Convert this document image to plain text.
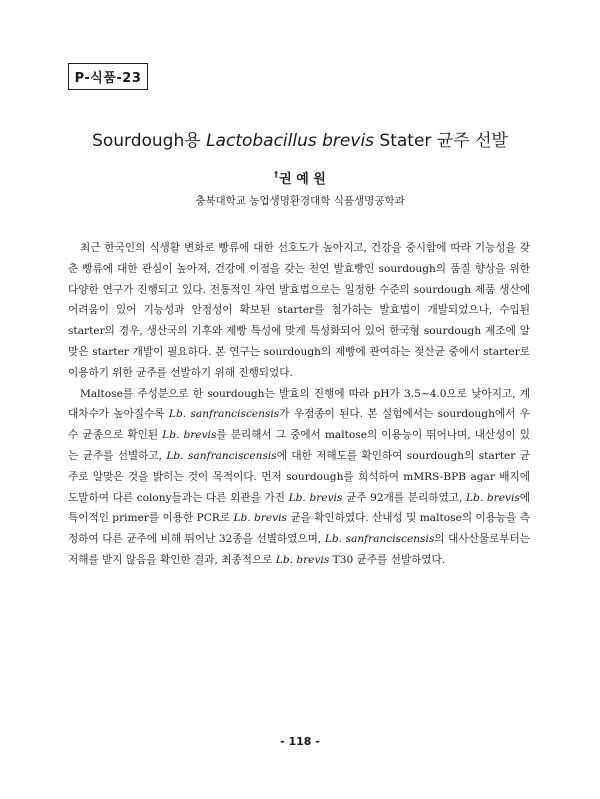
P-식품-23
Sourdough용 Lactobacillus brevis Stater 균주 선발
†권 예 원
충북대학교 농업생명환경대학 식품생명공학과

최근 한국인의 식생활 변화로 빵류에 대한 선호도가 높아지고, 건강을 중시함에 따라 기능성을 갖춘 빵류에 대한 관심이 높아져, 건강에 이점을 갖는 천연 발효빵인 sourdough의 품질 향상을 위한 다양한 연구가 진행되고 있다. 전통적인 자연 발효법으로는 일정한 수준의 sourdough 제품 생산에 어려움이 있어 기능성과 안정성이 확보된 starter를 첨가하는 발효법이 개발되었으나, 수입된 starter의 경우, 생산국의 기후와 제빵 특성에 맞게 특성화되어 있어 한국형 sourdough 제조에 알맞은 starter 개발이 필요하다. 본 연구는 sourdough의 제빵에 관여하는 젖산균 중에서 starter로 이용하기 위한 균주를 선발하기 위해 진행되었다.

Maltose를 주성분으로 한 sourdough는 발효의 진행에 따라 pH가 3.5~4.0으로 낮아지고, 계대차수가 높아질수록 Lb. sanfranciscensis가 우점종이 된다. 본 실험에서는 sourdough에서 우수 균종으로 확인된 Lb. brevis를 분리해서 그 중에서 maltose의 이용능이 뛰어나며, 내산성이 있는 균주를 선별하고, Lb. sanfranciscensis에 대한 저해도를 확인하여 sourdough의 starter 균주로 알맞은 것을 밝히는 것이 목적이다. 먼저 sourdough를 희석하여 mMRS-BPB agar 배지에 도말하여 다른 colony들과는 다른 외관을 가진 Lb. brevis 균주 92개를 분리하였고, Lb. brevis에 특이적인 primer를 이용한 PCR로 Lb. brevis 균을 확인하였다. 산내성 및 maltose의 이용능을 측정하여 다른 균주에 비해 뛰어난 32종을 선별하였으며, Lb. sanfranciscensis의 대사산물로부터는 저해를 받지 않음을 확인한 결과, 최종적으로 Lb. brevis T30 균주를 선발하였다.

- 118 -
